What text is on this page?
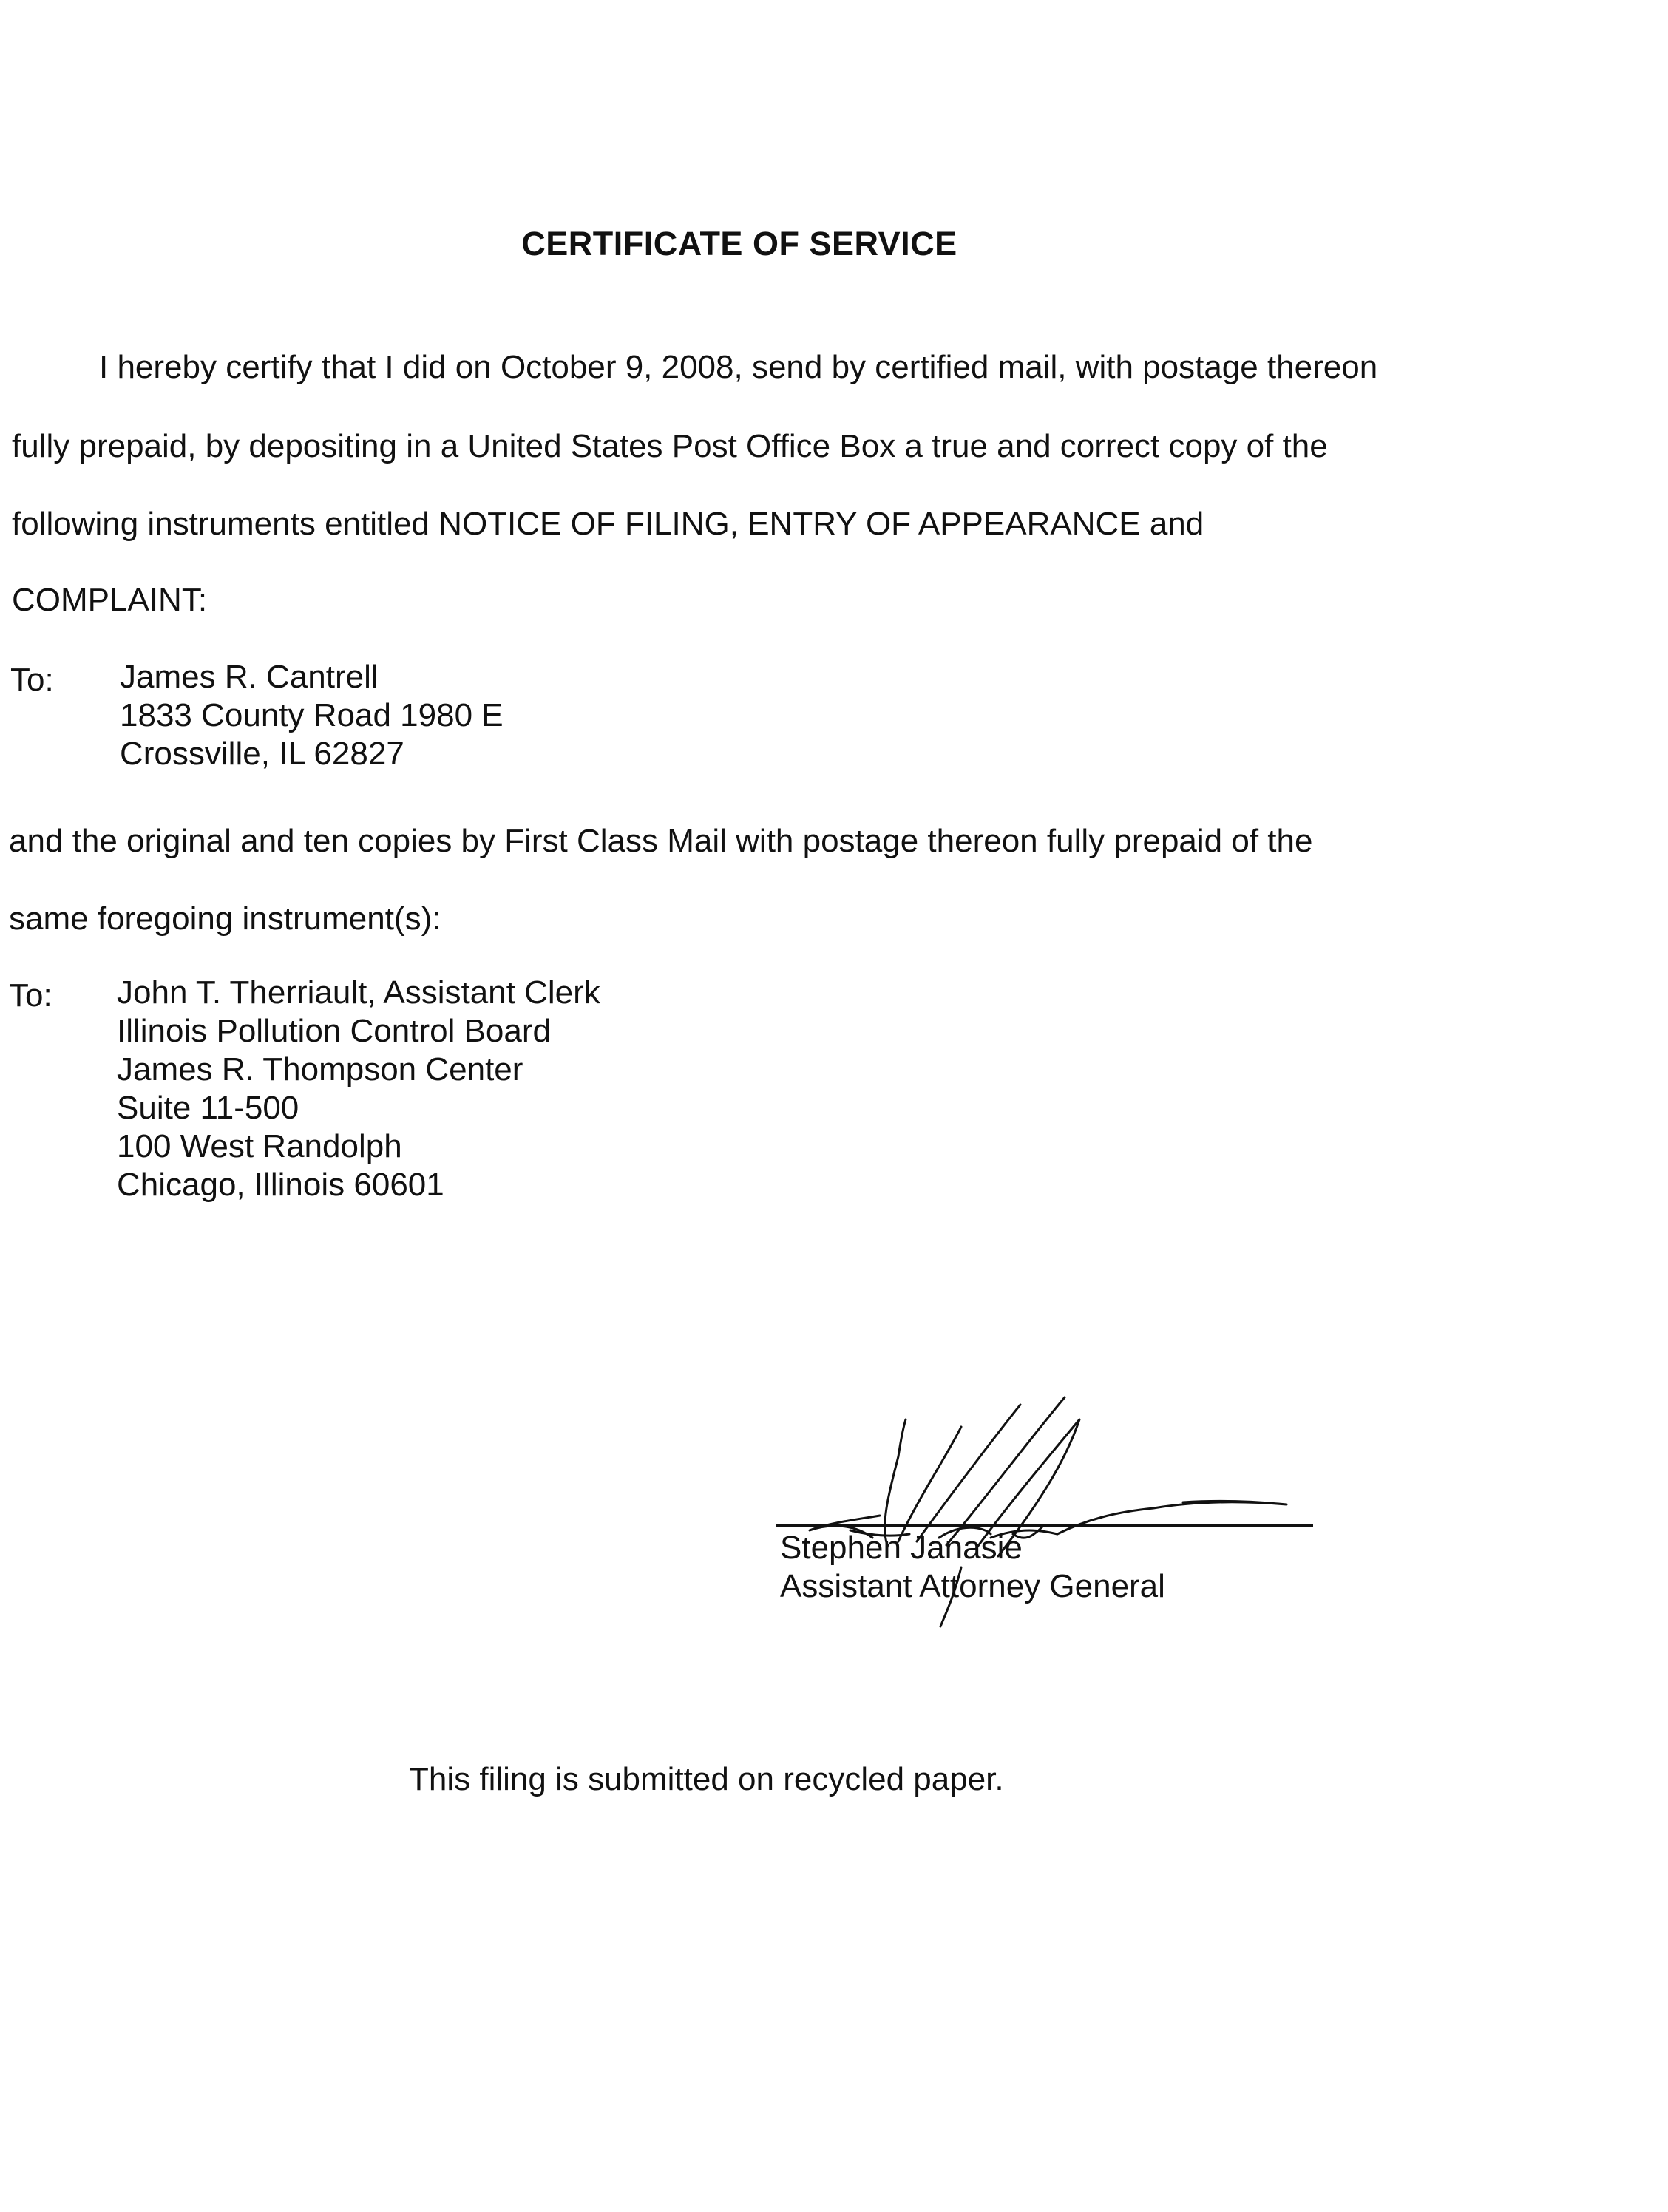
CERTIFICATE OF SERVICE
I hereby certify that I did on October 9, 2008, send by certified mail, with postage thereon
fully prepaid, by depositing in a United States Post Office Box a true and correct copy of the
following instruments entitled NOTICE OF FILING, ENTRY OF APPEARANCE and
COMPLAINT:
To: James R. Cantrell
1833 County Road 1980 E
Crossville, IL 62827
and the original and ten copies by First Class Mail with postage thereon fully prepaid of the
same foregoing instrument(s):
To: John T. Therriault, Assistant Clerk
Illinois Pollution Control Board
James R. Thompson Center
Suite 11-500
100 West Randolph
Chicago, Illinois 60601
Stephen Janasie
Assistant Attorney General
This filing is submitted on recycled paper.
